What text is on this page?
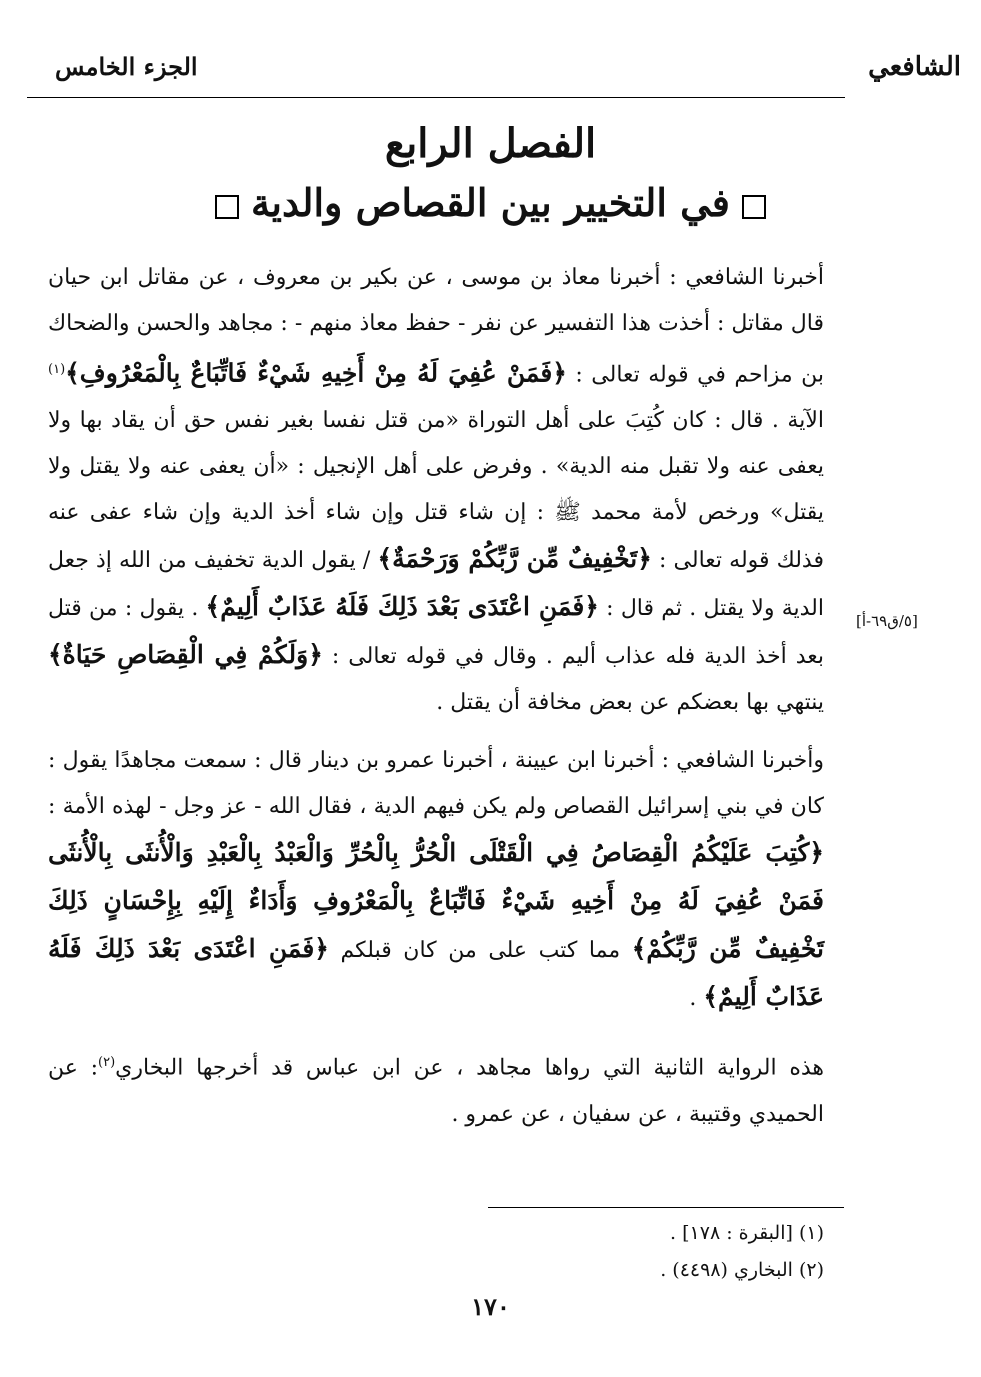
الشافعي
الجزء الخامس
الفصل الرابع
في التخيير بين القصاص والدية

أخبرنا الشافعي : أخبرنا معاذ بن موسى ، عن بكير بن معروف ، عن مقاتل ابن حيان قال مقاتل : أخذت هذا التفسير عن نفر - حفظ معاذ منهم - : مجاهد والحسن والضحاك بن مزاحم في قوله تعالى : ﴿فَمَنْ عُفِيَ لَهُ مِنْ أَخِيهِ شَيْءٌ فَاتِّبَاعٌ بِالْمَعْرُوفِ﴾$^{(١)}$ الآية . قال : كان كُتِبَ على أهل التوراة «من قتل نفسا بغير نفس حق أن يقاد بها ولا يعفى عنه ولا تقبل منه الدية» . وفرض على أهل الإنجيل : «أن يعفى عنه ولا يقتل ولا يقتل» ورخص لأمة محمد ﷺ : إن شاء قتل وإن شاء أخذ الدية وإن شاء عفى عنه فذلك قوله تعالى : ﴿تَخْفِيفٌ مِّن رَّبِّكُمْ وَرَحْمَةٌ﴾ / يقول الدية تخفيف من الله إذ جعل الدية ولا يقتل . ثم قال : ﴿فَمَنِ اعْتَدَى بَعْدَ ذَلِكَ فَلَهُ عَذَابٌ أَلِيمٌ﴾ . يقول : من قتل بعد أخذ الدية فله عذاب أليم . وقال في قوله تعالى : ﴿وَلَكُمْ فِي الْقِصَاصِ حَيَاةٌ﴾ ينتهي بها بعضكم عن بعض مخافة أن يقتل .

وأخبرنا الشافعي : أخبرنا ابن عيينة ، أخبرنا عمرو بن دينار قال : سمعت مجاهدًا يقول : كان في بني إسرائيل القصاص ولم يكن فيهم الدية ، فقال الله - عز وجل - لهذه الأمة : ﴿كُتِبَ عَلَيْكُمُ الْقِصَاصُ فِي الْقَتْلَى الْحُرُّ بِالْحُرِّ وَالْعَبْدُ بِالْعَبْدِ وَالْأُنثَى بِالْأُنثَى فَمَنْ عُفِيَ لَهُ مِنْ أَخِيهِ شَيْءٌ فَاتِّبَاعٌ بِالْمَعْرُوفِ وَأَدَاءٌ إِلَيْهِ بِإِحْسَانٍ ذَلِكَ تَخْفِيفٌ مِّن رَّبِّكُمْ﴾ مما كتب على من كان قبلكم ﴿فَمَنِ اعْتَدَى بَعْدَ ذَلِكَ فَلَهُ عَذَابٌ أَلِيمٌ﴾ .

هذه الرواية الثانية التي رواها مجاهد ، عن ابن عباس قد أخرجها البخاري$^{(٢)}$: عن الحميدي وقتيبة ، عن سفيان ، عن عمرو .

[٥/ق٦٩-أ]
(١) [البقرة : ١٧٨] .
(٢) البخاري (٤٤٩٨) .
١٧٠
